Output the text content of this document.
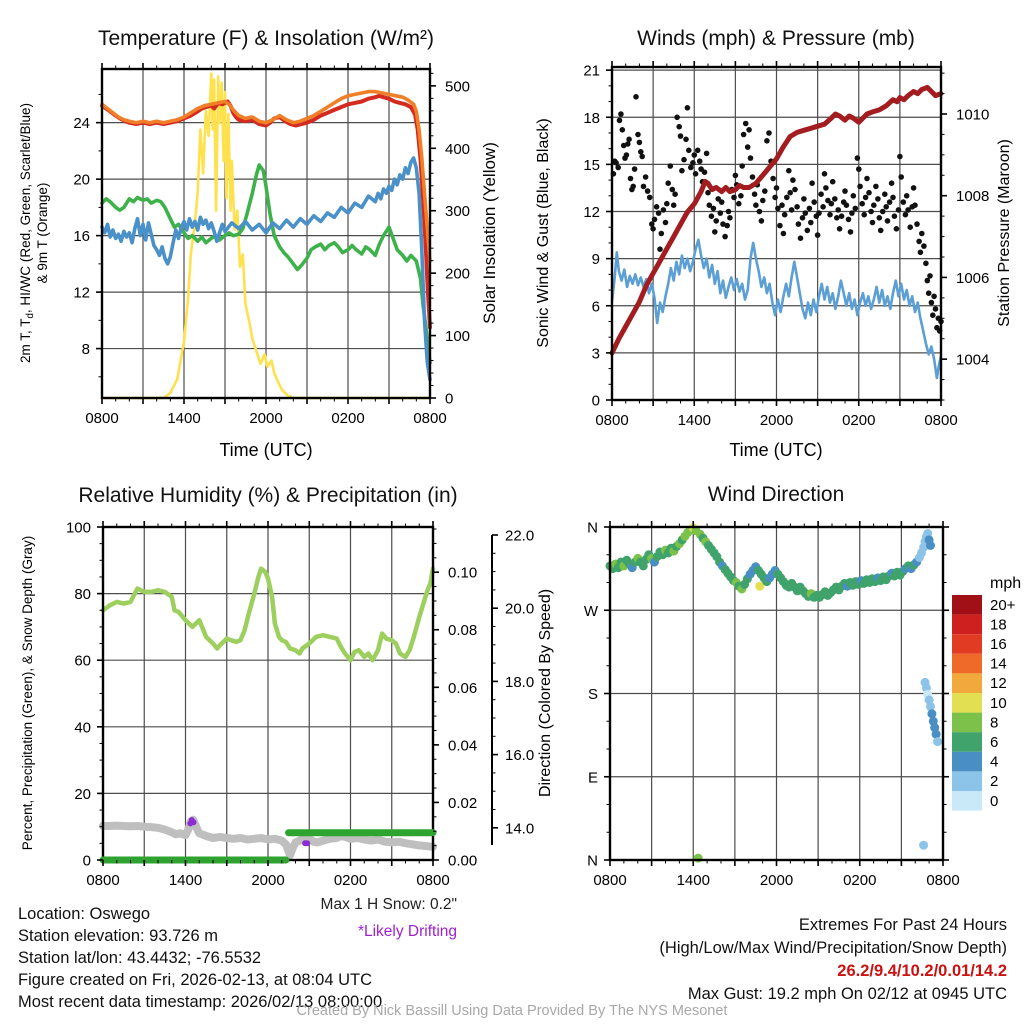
Temperature (F) & Insolation (W/m²)	Winds (mph) & Pressure (mb)
Relative Humidity (%) & Precipitation (in)	Wind Direction
0800	1400	2000	0200	0800
Time (UTC)
8
12
16
20
24
0
100
200
300
400
500
2m T, $T_d$, HI/WC (Red, Green, Scarlet/Blue) & 9m T (Orange)	Solar Insolation (Yellow)
0800	1400	2000	0200	0800
Time (UTC)
0
3
6
9
12
15
18
21
1004
1006
1008
1010
Sonic Wind & Gust (Blue, Black)	Station Pressure (Maroon)
0800	1400	2000	0200	0800
0
20
40
60
80
100
0.00
0.02
0.04
0.06
0.08
0.10
14.0
16.0
18.0
20.0
22.0
Percent, Precipitation (Green), & Snow Depth (Gray)
0800	1400	2000	0200	0800
N
E
S
W
N
Direction (Colored By Speed)
mph
20+
18
16
14
12
10
8
6
4
2
0
Location: Oswego
Station elevation: 93.726 m
Station lat/lon: 43.4432; -76.5532
Figure created on Fri, 2026-02-13, at 08:04 UTC
Most recent data timestamp: 2026/02/13 08:00:00
Max 1 H Snow: 0.2"
*Likely Drifting	Extremes For Past 24 Hours
(High/Low/Max Wind/Precipitation/Snow Depth)
26.2/9.4/10.2/0.01/14.2
Max Gust: 19.2 mph On 02/12 at 0945 UTC
Created By Nick Bassill Using Data Provided By The NYS Mesonet
